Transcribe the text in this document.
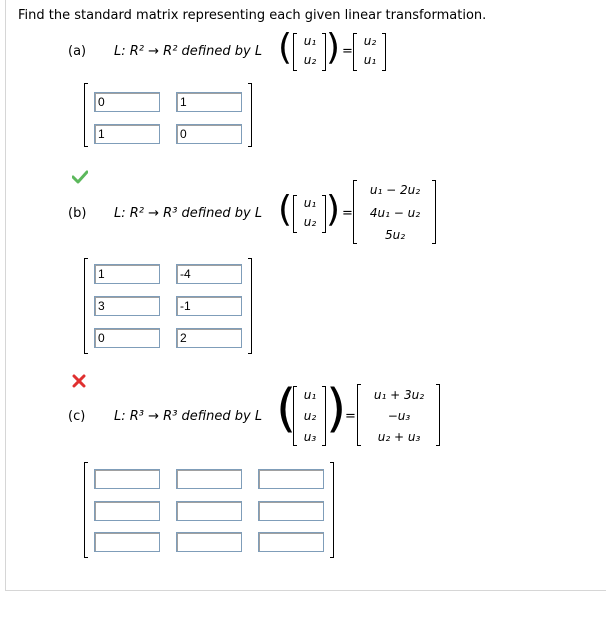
Find the standard matrix representing each given linear transformation.
(a) L: R² → R² defined by L ( u₁
u₂ ) =
u₂
u₁
0
1
1
0
(b) L: R² → R³ defined by L ( u₁
u₂ ) =
u₁ − 2u₂
4u₁ − u₂
5u₂
1
-4
3
-1
0
2
(c) L: R³ → R³ defined by L ( u₁
u₂
u₃ )
=
u₁ + 3u₂
−u₃
u₂ + u₃
